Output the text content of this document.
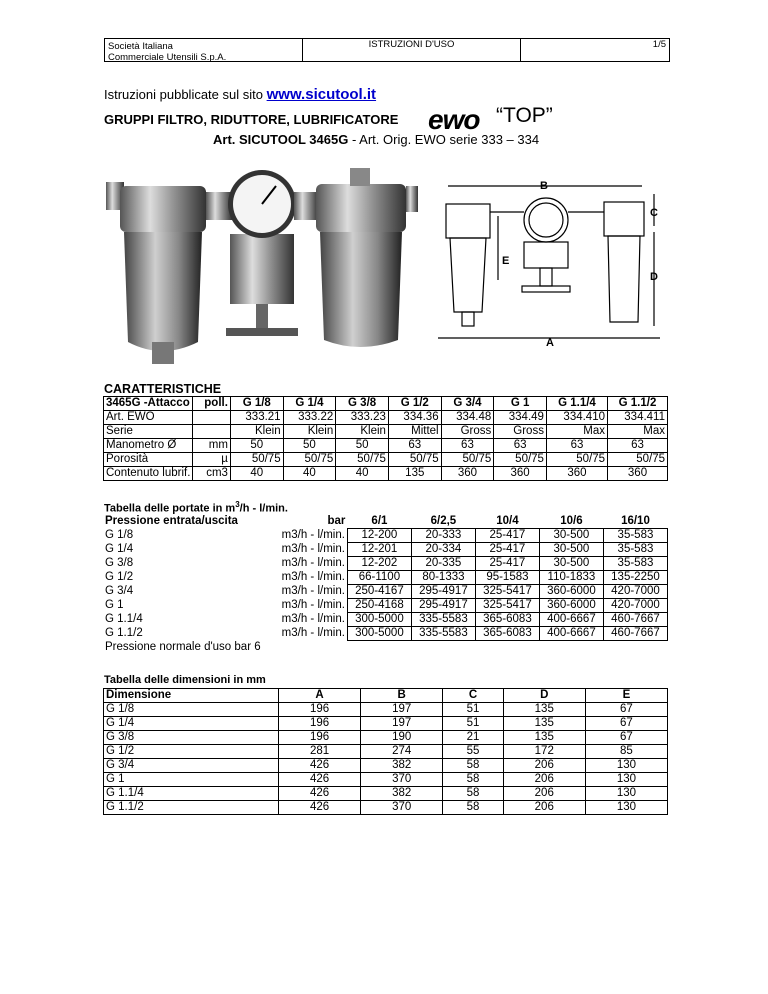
Società Italiana
Commerciale Utensili S.p.A.
ISTRUZIONI D'USO	1/5
Istruzioni pubblicate sul sito www.sicutool.it
GRUPPI FILTRO, RIDUTTORE, LUBRIFICATORE ewo “TOP”
Art. SICUTOOL 3465G - Art. Orig. EWO serie 333 – 334
B
A
C
D
E
CARATTERISTICHE
3465G -Attacco	poll.	G 1/8	G 1/4	G 3/8	G 1/2	G 3/4	G 1	G 1.1/4	G 1.1/2
Art. EWO		333.21	333.22	333.23	334.36	334.48	334.49	334.410	334.411
Serie		Klein	Klein	Klein	Mittel	Gross	Gross	Max	Max
Manometro Ø	mm	50	50	50	63	63	63	63	63
Porosità	µ	50/75	50/75	50/75	50/75	50/75	50/75	50/75	50/75
Contenuto lubrif.	cm3	40	40	40	135	360	360	360	360
Tabella delle portate in $m^3/h - l/\min$.
Pressione entrata/uscita	bar	6/1	6/2,5	10/4	10/6	16/10
G 1/8	m3/h - l/min.	12-200	20-333	25-417	30-500	35-583
G 1/4	m3/h - l/min.	12-201	20-334	25-417	30-500	35-583
G 3/8	m3/h - l/min.	12-202	20-335	25-417	30-500	35-583
G 1/2	m3/h - l/min.	66-1100	80-1333	95-1583	110-1833	135-2250
G 3/4	m3/h - l/min.	250-4167	295-4917	325-5417	360-6000	420-7000
G 1	m3/h - l/min.	250-4168	295-4917	325-5417	360-6000	420-7000
G 1.1/4	m3/h - l/min.	300-5000	335-5583	365-6083	400-6667	460-7667
G 1.1/2	m3/h - l/min.	300-5000	335-5583	365-6083	400-6667	460-7667
Pressione normale d'uso bar 6						
Tabella delle dimensioni in mm
Dimensione	A	B	C	D	E
G 1/8	196	197	51	135	67
G 1/4	196	197	51	135	67
G 3/8	196	190	21	135	67
G 1/2	281	274	55	172	85
G 3/4	426	382	58	206	130
G 1	426	370	58	206	130
G 1.1/4	426	382	58	206	130
G 1.1/2	426	370	58	206	130
